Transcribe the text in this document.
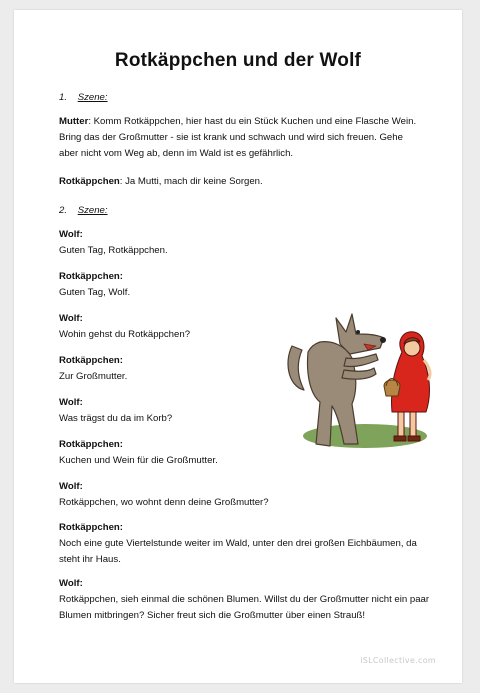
Rotkäppchen und der Wolf
1. Szene:
Mutter: Komm Rotkäppchen, hier hast du ein Stück Kuchen und eine Flasche Wein. Bring das der Großmutter - sie ist krank und schwach und wird sich freuen. Gehe aber nicht vom Weg ab, denn im Wald ist es gefährlich.
Rotkäppchen: Ja Mutti, mach dir keine Sorgen.
2. Szene:
Wolf:
Guten Tag, Rotkäppchen.
Rotkäppchen:
Guten Tag, Wolf.
Wolf:
Wohin gehst du Rotkäppchen?
Rotkäppchen:
Zur Großmutter.
Wolf:
Was trägst du da im Korb?
Rotkäppchen:
Kuchen und Wein für die Großmutter.
Wolf:
Rotkäppchen, wo wohnt denn deine Großmutter?
Rotkäppchen:
Noch eine gute Viertelstunde weiter im Wald, unter den drei großen Eichbäumen, da steht ihr Haus.
Wolf:
Rotkäppchen, sieh einmal die schönen Blumen. Willst du der Großmutter nicht ein paar Blumen mitbringen? Sicher freut sich die Großmutter über einen Strauß!
iSLCollective.com
